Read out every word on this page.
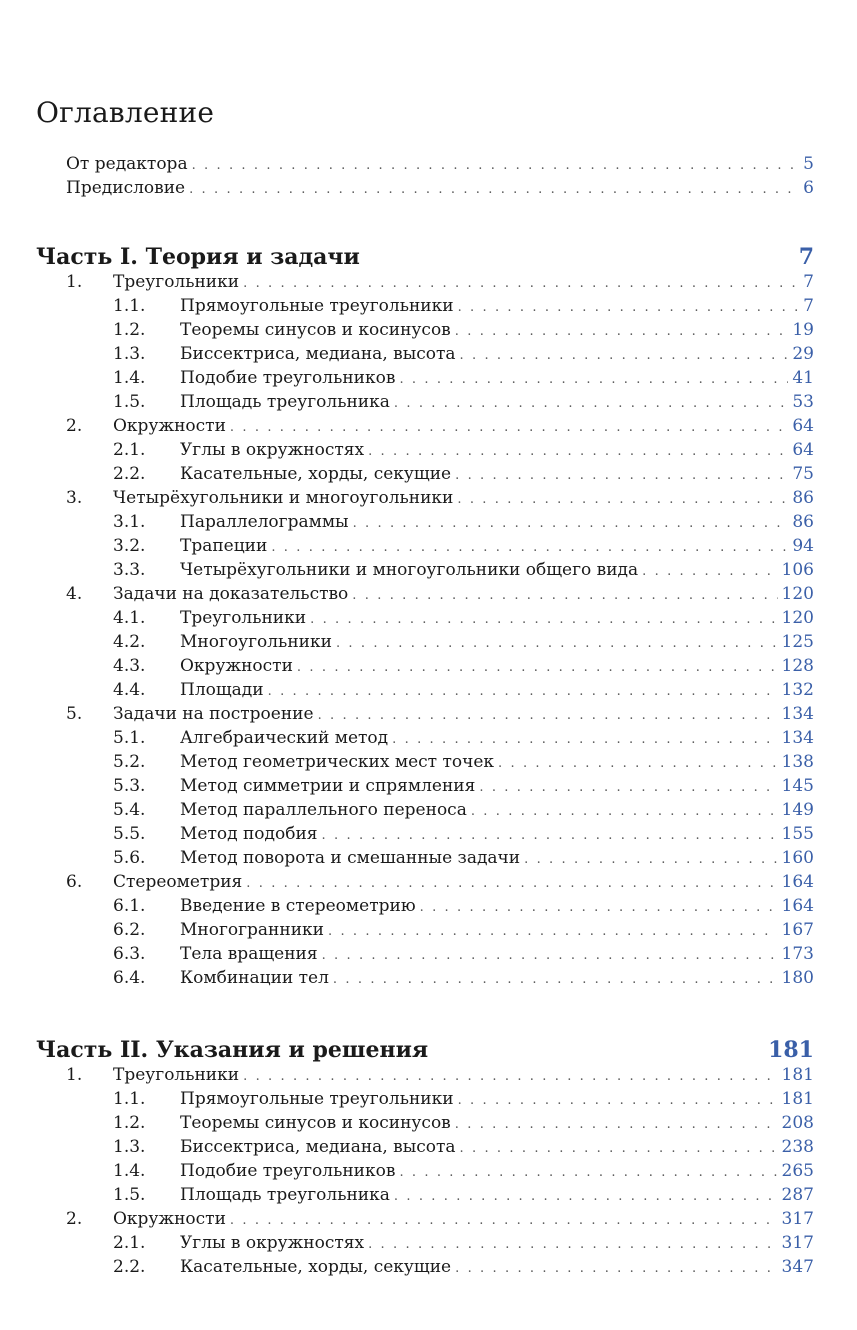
Оглавление
От редактора . . .	5
Предисловие . . .	6
Часть I. Теория и задачи	7
1. Треугольники . . .	7
1.1. Прямоугольные треугольники . . .	7
1.2. Теоремы синусов и косинусов . . .	19
1.3. Биссектриса, медиана, высота . . .	29
1.4. Подобие треугольников . . .	41
1.5. Площадь треугольника . . .	53
2. Окружности . . .	64
2.1. Углы в окружностях . . .	64
2.2. Касательные, хорды, секущие . . .	75
3. Четырёхугольники и многоугольники . . .	86
3.1. Параллелограммы . . .	86
3.2. Трапеции . . .	94
3.3. Четырёхугольники и многоугольники общего вида . . .	106
4. Задачи на доказательство . . .	120
4.1. Треугольники . . .	120
4.2. Многоугольники . . .	125
4.3. Окружности . . .	128
4.4. Площади . . .	132
5. Задачи на построение . . .	134
5.1. Алгебраический метод . . .	134
5.2. Метод геометрических мест точек . . .	138
5.3. Метод симметрии и спрямления . . .	145
5.4. Метод параллельного переноса . . .	149
5.5. Метод подобия . . .	155
5.6. Метод поворота и смешанные задачи . . .	160
6. Стереометрия . . .	164
6.1. Введение в стереометрию . . .	164
6.2. Многогранники . . .	167
6.3. Тела вращения . . .	173
6.4. Комбинации тел . . .	180
Часть II. Указания и решения	181
1. Треугольники . . .	181
1.1. Прямоугольные треугольники . . .	181
1.2. Теоремы синусов и косинусов . . .	208
1.3. Биссектриса, медиана, высота . . .	238
1.4. Подобие треугольников . . .	265
1.5. Площадь треугольника . . .	287
2. Окружности . . .	317
2.1. Углы в окружностях . . .	317
2.2. Касательные, хорды, секущие . . .	347
